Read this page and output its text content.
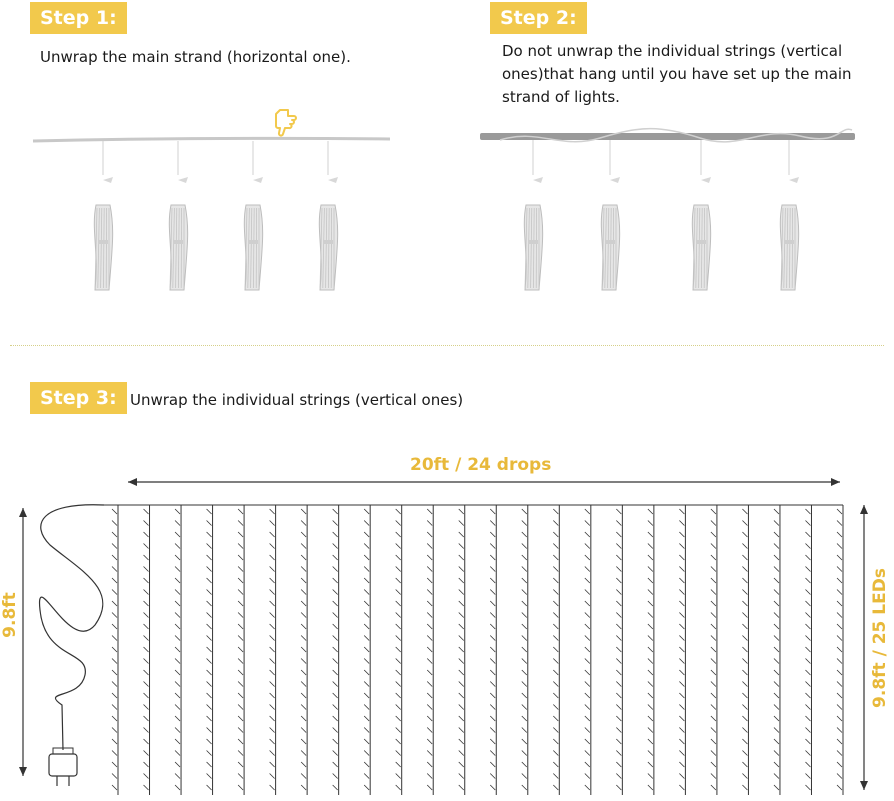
Step 1:
Unwrap the main strand (horizontal one).
Step 2:
Do not unwrap the individual strings (vertical
ones)that hang until you have set up the main
strand of lights.
Step 3: Unwrap the individual strings (vertical ones)
20ft / 24 drops
9.8ft	9.8ft / 25 LEDs
